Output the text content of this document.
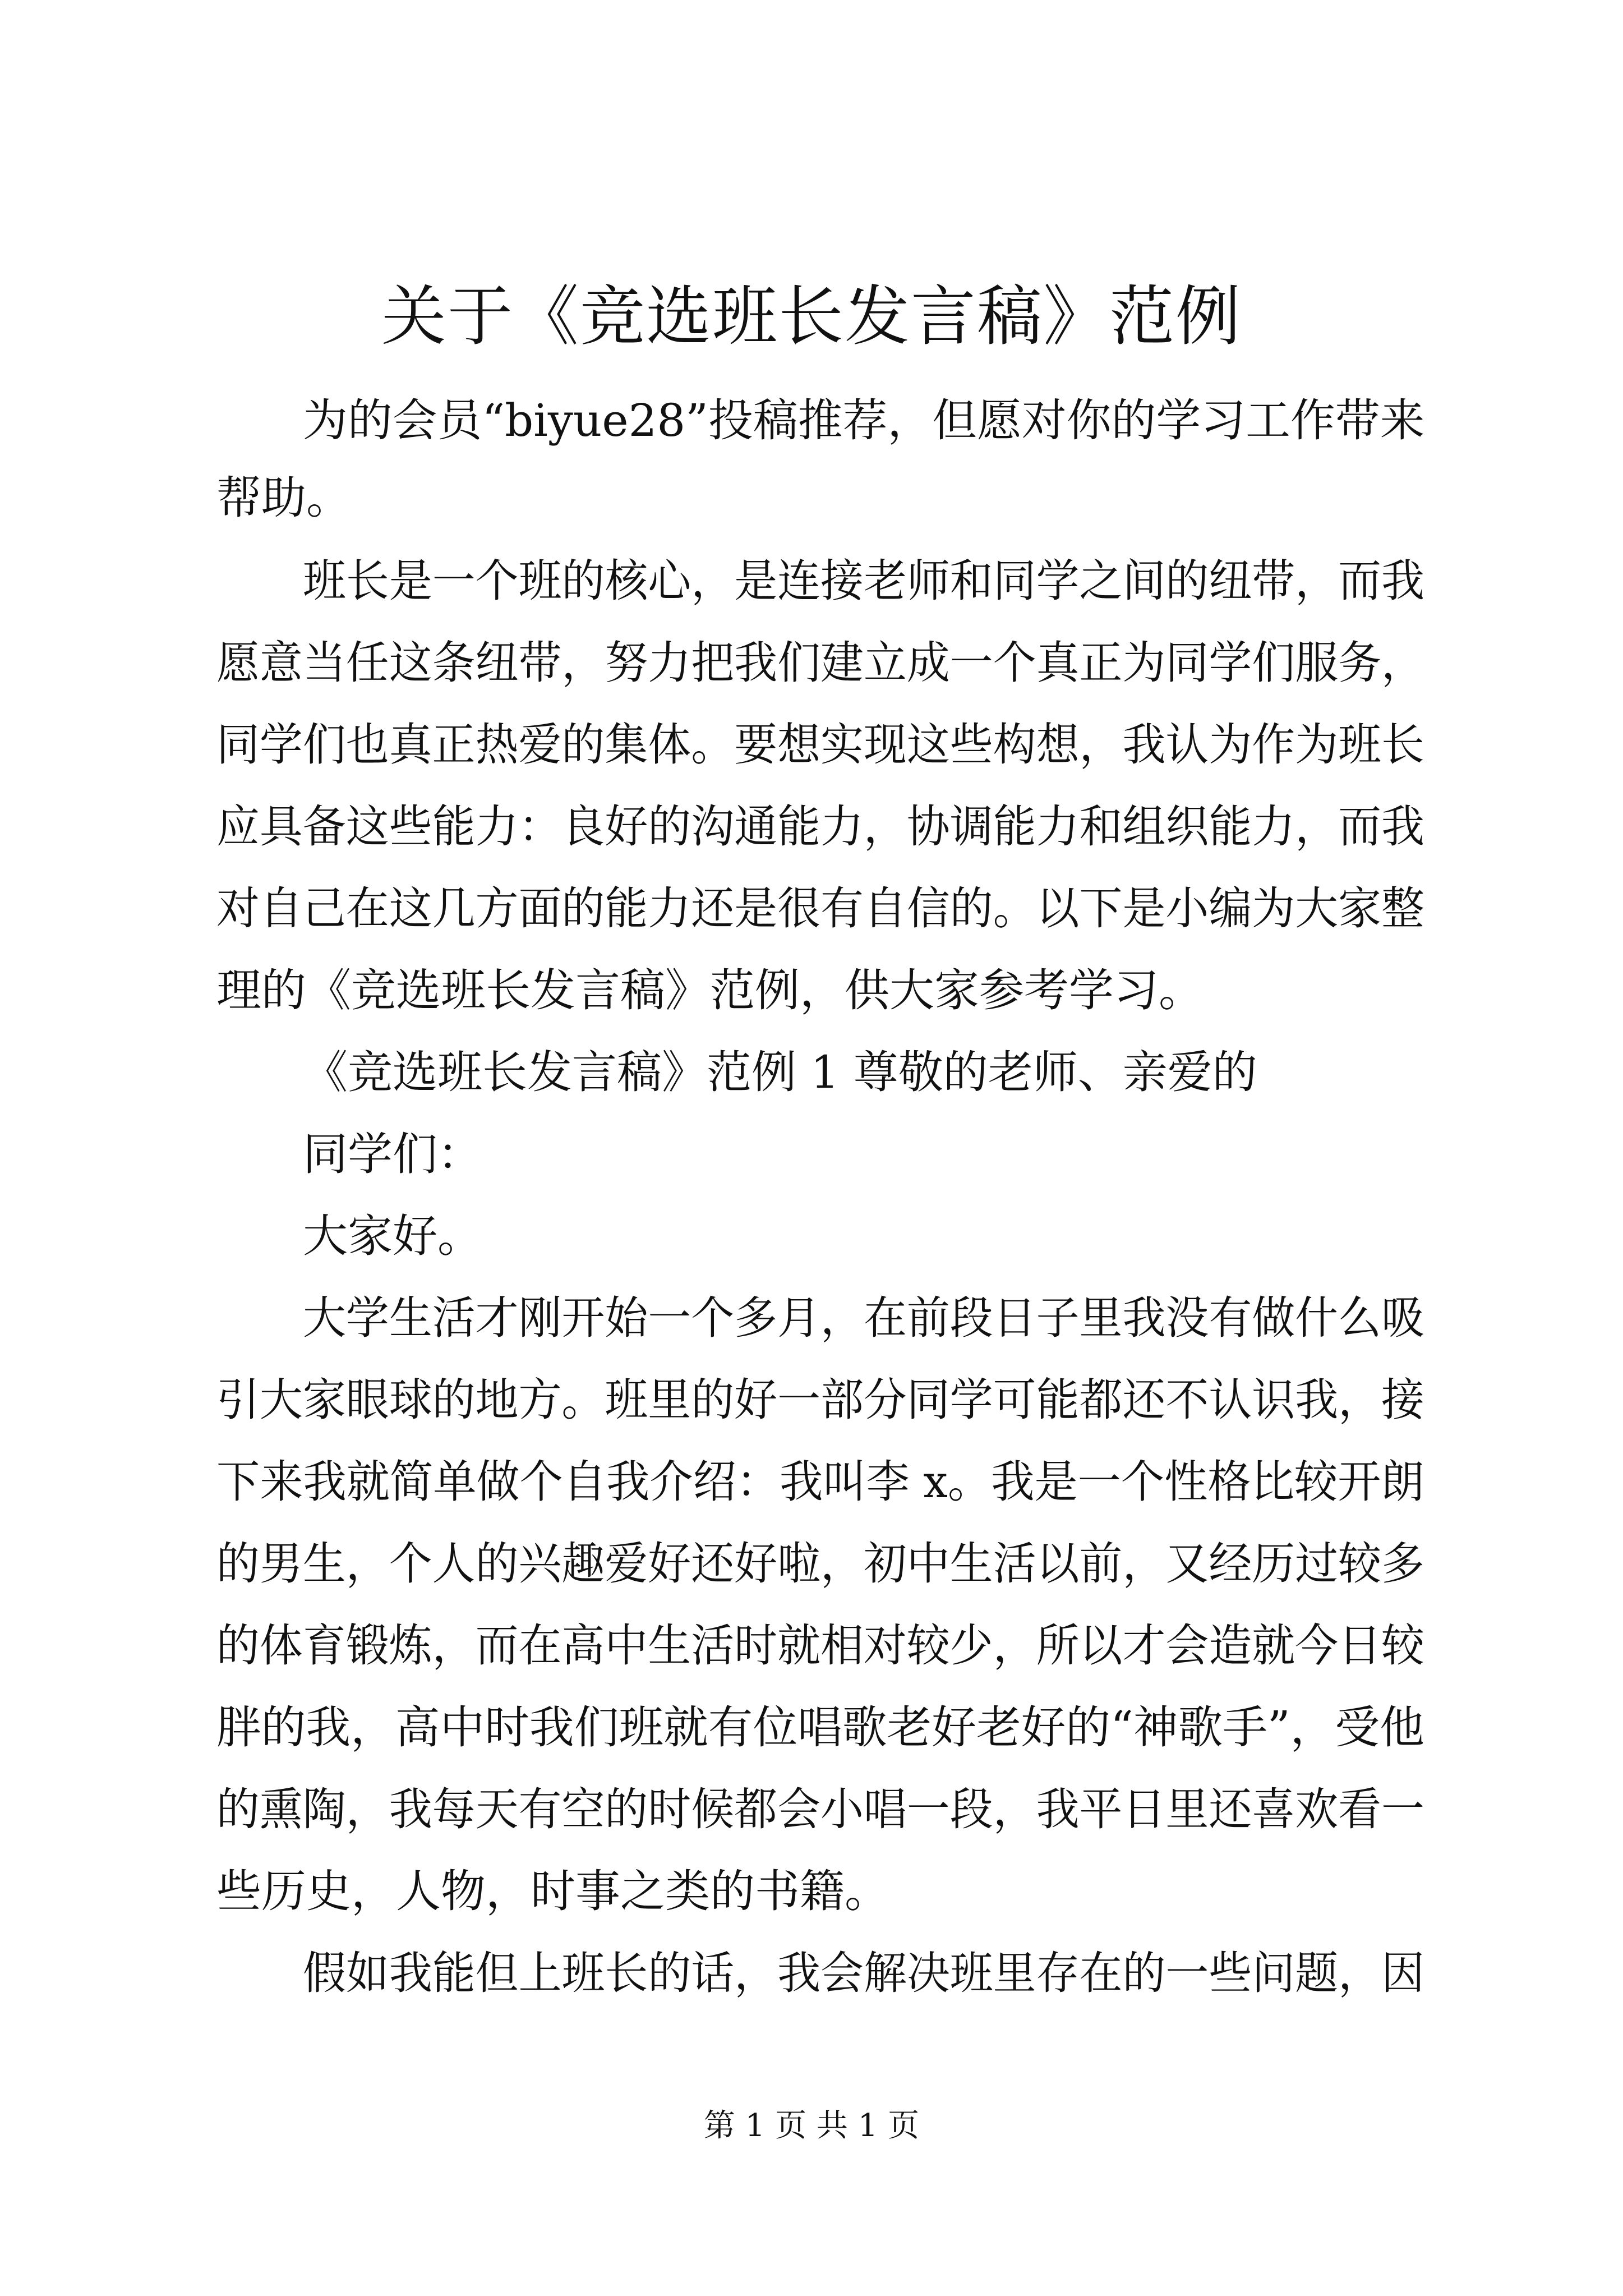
关于《竞选班长发言稿》范例

为的会员“biyue28”投稿推荐，但愿对你的学习工作带来

帮助。

班长是一个班的核心，是连接老师和同学之间的纽带，而我

愿意当任这条纽带，努力把我们建立成一个真正为同学们服务，

同学们也真正热爱的集体。要想实现这些构想，我认为作为班长

应具备这些能力：良好的沟通能力，协调能力和组织能力，而我

对自己在这几方面的能力还是很有自信的。以下是小编为大家整

理的《竞选班长发言稿》范例，供大家参考学习。

《竞选班长发言稿》范例 1 尊敬的老师、亲爱的

同学们：

大家好。

大学生活才刚开始一个多月，在前段日子里我没有做什么吸

引大家眼球的地方。班里的好一部分同学可能都还不认识我，接

下来我就简单做个自我介绍：我叫李 x。我是一个性格比较开朗

的男生，个人的兴趣爱好还好啦，初中生活以前，又经历过较多

的体育锻炼，而在高中生活时就相对较少，所以才会造就今日较

胖的我，高中时我们班就有位唱歌老好老好的“神歌手”，受他

的熏陶，我每天有空的时候都会小唱一段，我平日里还喜欢看一

些历史，人物，时事之类的书籍。

假如我能但上班长的话，我会解决班里存在的一些问题，因

第 1 页 共 1 页
